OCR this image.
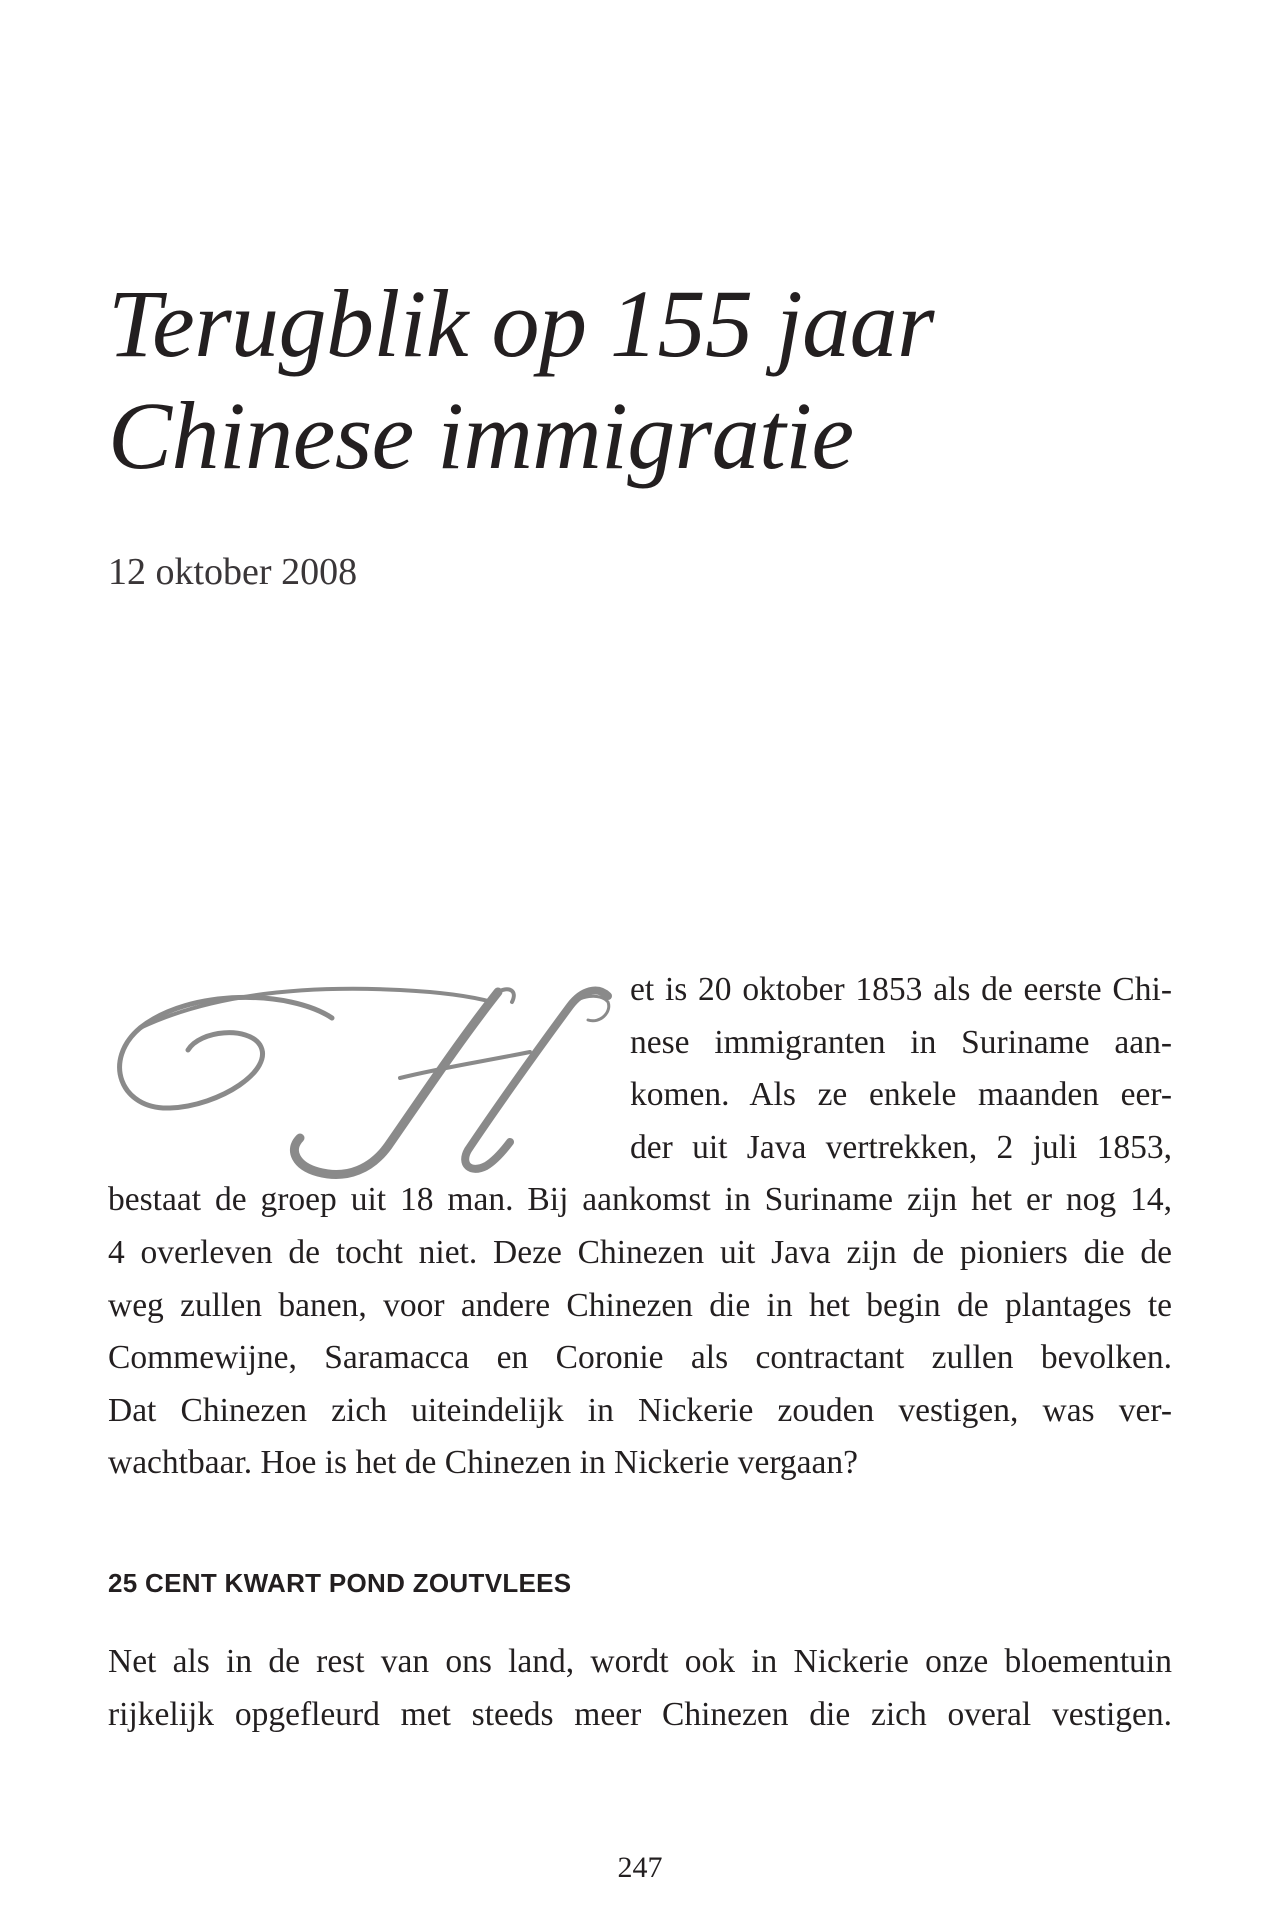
Terugblik op 155 jaar
Chinese immigratie
12 oktober 2008
et is 20 oktober 1853 als de eerste Chi-
nese immigranten in Suriname aan-
komen. Als ze enkele maanden eer-
der uit Java vertrekken, 2 juli 1853,
bestaat de groep uit 18 man. Bij aankomst in Suriname zijn het er nog 14,
4 overleven de tocht niet. Deze Chinezen uit Java zijn de pioniers die de
weg zullen banen, voor andere Chinezen die in het begin de plantages te
Commewijne, Saramacca en Coronie als contractant zullen bevolken.
Dat Chinezen zich uiteindelijk in Nickerie zouden vestigen, was ver-
wachtbaar. Hoe is het de Chinezen in Nickerie vergaan?
25 CENT KWART POND ZOUTVLEES
Net als in de rest van ons land, wordt ook in Nickerie onze bloementuin
rijkelijk opgefleurd met steeds meer Chinezen die zich overal vestigen.
247
